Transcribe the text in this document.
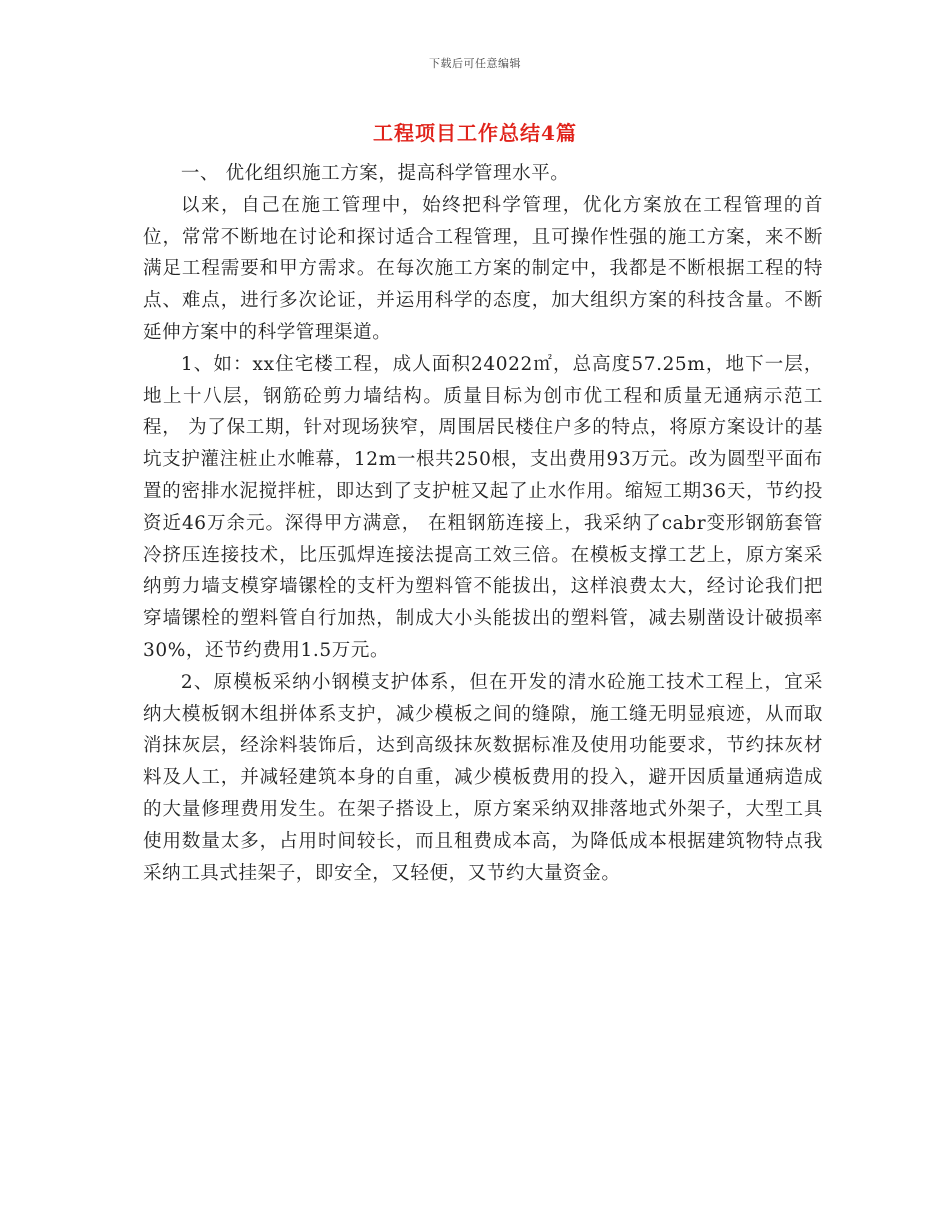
下载后可任意编辑
工程项目工作总结4篇

一、 优化组织施工方案，提高科学管理水平。

以来，自己在施工管理中，始终把科学管理，优化方案放在工程管理的首位，常常不断地在讨论和探讨适合工程管理，且可操作性强的施工方案，来不断满足工程需要和甲方需求。在每次施工方案的制定中，我都是不断根据工程的特点、难点，进行多次论证，并运用科学的态度，加大组织方案的科技含量。不断延伸方案中的科学管理渠道。

1、如：xx住宅楼工程，成人面积24022㎡，总高度57.25m，地下一层，地上十八层，钢筋砼剪力墙结构。质量目标为创市优工程和质量无通病示范工程， 为了保工期，针对现场狭窄，周围居民楼住户多的特点，将原方案设计的基坑支护灌注桩止水帷幕，12m一根共250根，支出费用93万元。改为圆型平面布置的密排水泥搅拌桩，即达到了支护桩又起了止水作用。缩短工期36天，节约投资近46万余元。深得甲方满意， 在粗钢筋连接上，我采纳了cabr变形钢筋套管冷挤压连接技术，比压弧焊连接法提高工效三倍。在模板支撑工艺上，原方案采纳剪力墙支模穿墙镙栓的支杆为塑料管不能拔出，这样浪费太大，经讨论我们把穿墙镙栓的塑料管自行加热，制成大小头能拔出的塑料管，减去剔凿设计破损率30%，还节约费用1.5万元。

2、原模板采纳小钢模支护体系，但在开发的清水砼施工技术工程上，宜采纳大模板钢木组拼体系支护，减少模板之间的缝隙，施工缝无明显痕迹，从而取消抹灰层，经涂料装饰后，达到高级抹灰数据标准及使用功能要求，节约抹灰材料及人工，并减轻建筑本身的自重，减少模板费用的投入，避开因质量通病造成的大量修理费用发生。在架子搭设上，原方案采纳双排落地式外架子，大型工具使用数量太多，占用时间较长，而且租费成本高，为降低成本根据建筑物特点我采纳工具式挂架子，即安全，又轻便，又节约大量资金。
